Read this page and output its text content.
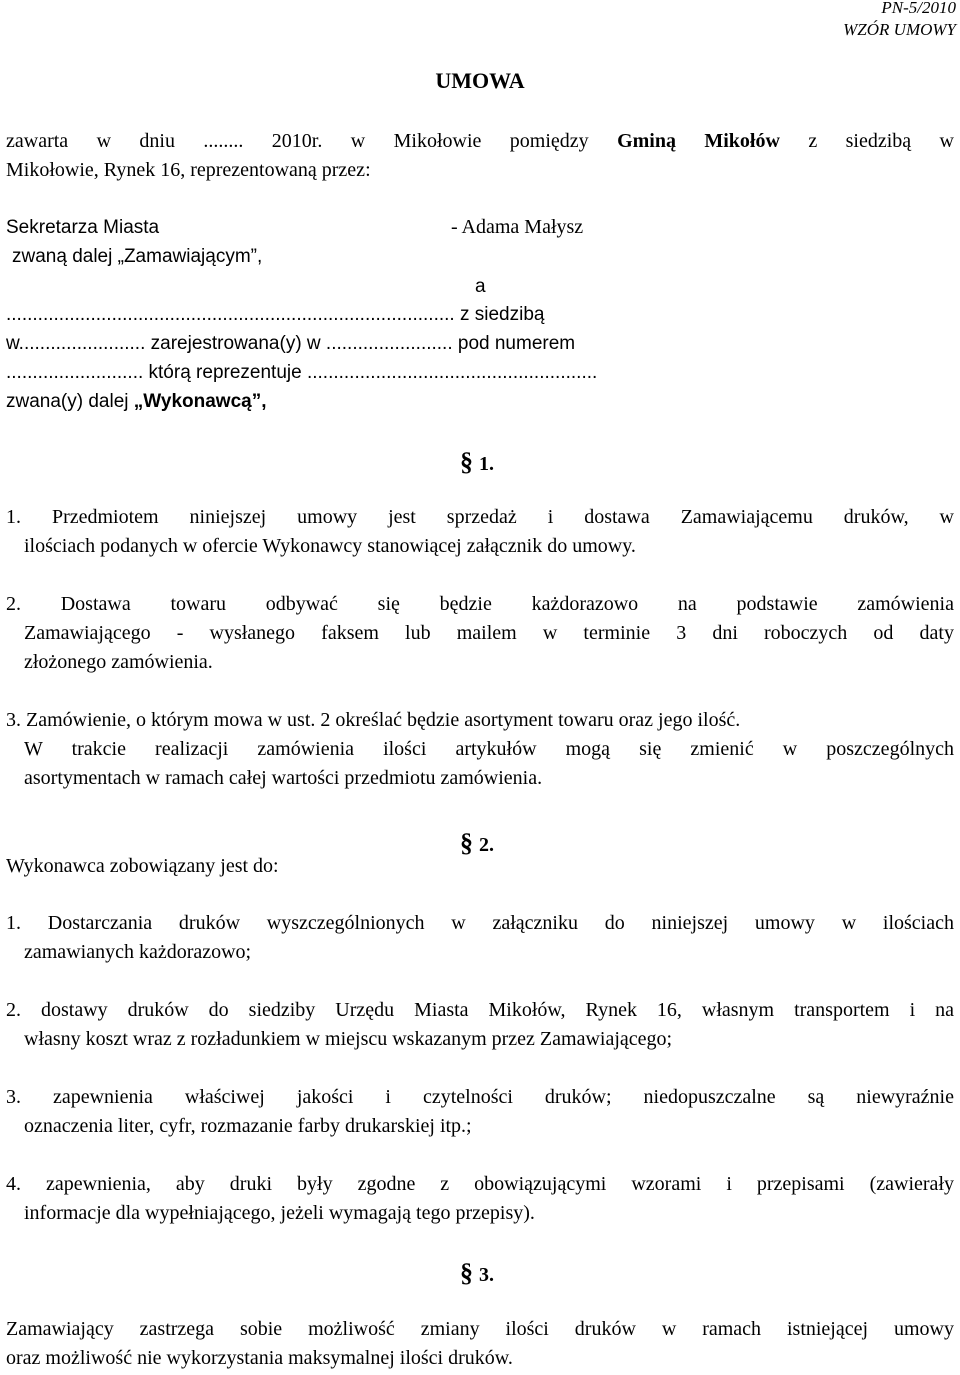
PN-5/2010
WZÓR UMOWY
UMOWA
zawarta w dniu ........ 2010r. w Mikołowie pomiędzy Gminą Mikołów z siedzibą w
Mikołowie, Rynek 16, reprezentowaną przez:
Sekretarza Miasta	- Adama Małysz
zwaną dalej „Zamawiającym”,
a
..................................................................................... z siedzibą
w........................ zarejestrowana(y) w ........................ pod numerem
.......................... którą reprezentuje .......................................................
zwana(y) dalej „Wykonawcą”,
§ 1.
1. Przedmiotem niniejszej umowy jest sprzedaż i dostawa Zamawiającemu druków, w
ilościach podanych w ofercie Wykonawcy stanowiącej załącznik do umowy.
2. Dostawa towaru odbywać się będzie każdorazowo na podstawie zamówienia
Zamawiającego - wysłanego faksem lub mailem w terminie 3 dni roboczych od daty
złożonego zamówienia.
3. Zamówienie, o którym mowa w ust. 2 określać będzie asortyment towaru oraz jego ilość.
W trakcie realizacji zamówienia ilości artykułów mogą się zmienić w poszczególnych
asortymentach w ramach całej wartości przedmiotu zamówienia.
§ 2.
Wykonawca zobowiązany jest do:
1. Dostarczania druków wyszczególnionych w załączniku do niniejszej umowy w ilościach
zamawianych każdorazowo;
2. dostawy druków do siedziby Urzędu Miasta Mikołów, Rynek 16, własnym transportem i na
własny koszt wraz z rozładunkiem w miejscu wskazanym przez Zamawiającego;
3. zapewnienia właściwej jakości i czytelności druków; niedopuszczalne są niewyraźnie
oznaczenia liter, cyfr, rozmazanie farby drukarskiej itp.;
4. zapewnienia, aby druki były zgodne z obowiązującymi wzorami i przepisami (zawierały
informacje dla wypełniającego, jeżeli wymagają tego przepisy).
§ 3.
Zamawiający zastrzega sobie możliwość zmiany ilości druków w ramach istniejącej umowy
oraz możliwość nie wykorzystania maksymalnej ilości druków.
